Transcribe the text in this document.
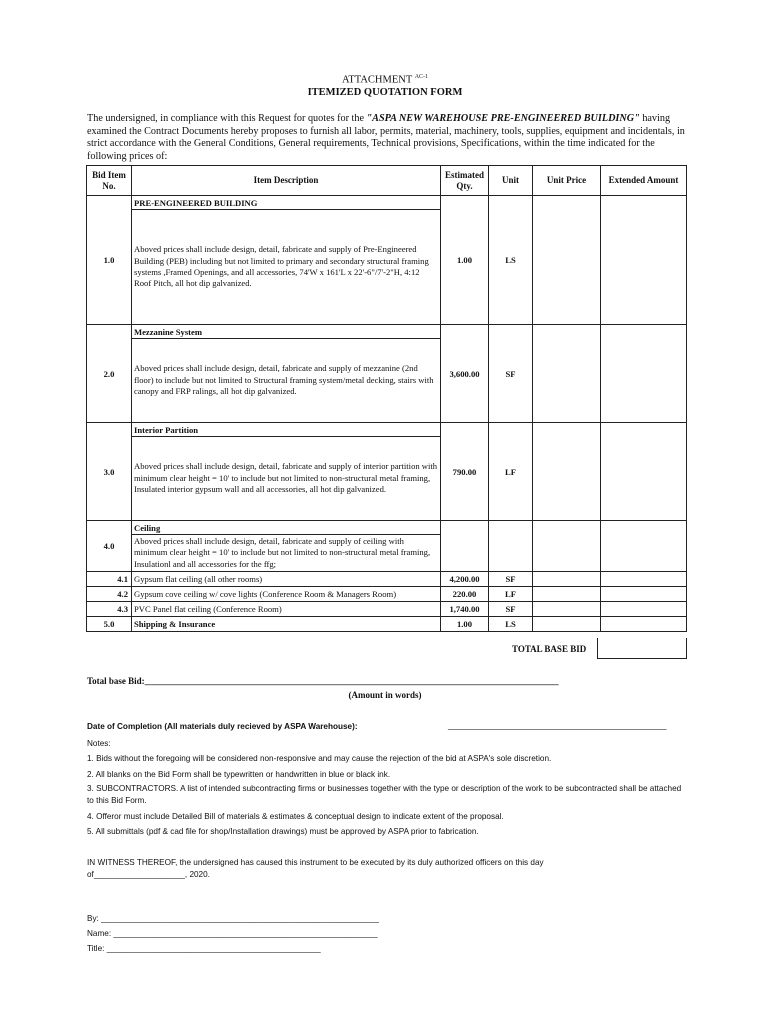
ATTACHMENT $^{AC-1}$
ITEMIZED QUOTATION FORM
The undersigned, in compliance with this Request for quotes for the "ASPA NEW WAREHOUSE PRE-ENGINEERED BUILDING" having examined the Contract Documents hereby proposes to furnish all labor, permits, material, machinery, tools, supplies, equipment and incidentals, in strict accordance with the General Conditions, General requirements, Technical provisions, Specifications, within the time indicated for the following prices of:
Bid Item No.	Item Description	Estimated Qty.	Unit	Unit Price	Extended Amount
1.0	PRE-ENGINEERED BUILDING	1.00	LS		
	Aboved prices shall include design, detail, fabricate and supply of Pre-Engineered Building (PEB) including but not limited to primary and secondary structural framing systems ,Framed Openings, and all accessories, 74'W x 161'L x 22'-6"/7'-2"H, 4:12 Roof Pitch, all hot dip galvanized.				
2.0	Mezzanine System	3,600.00	SF		
	Aboved prices shall include design, detail, fabricate and supply of mezzanine (2nd floor) to include but not limited to Structural framing system/metal decking, stairs with canopy and FRP ralings, all hot dip galvanized.				
3.0	Interior Partition	790.00	LF		
	Aboved prices shall include design, detail, fabricate and supply of interior partition with minimum clear height = 10' to include but not limited to non-structural metal framing, Insulated interior gypsum wall and all accessories, all hot dip galvanized.				
4.0	Ceiling				
	Aboved prices shall include design, detail, fabricate and supply of ceiling with minimum clear height = 10' to include but not limited to non-structural metal framing, Insulationl and all accessories for the ffg;				
4.1	Gypsum flat ceiling (all other rooms)	4,200.00	SF		
4.2	Gypsum cove ceiling w/ cove lights (Conference Room & Managers Room)	220.00	LF		
4.3	PVC Panel flat ceiling (Conference Room)	1,740.00	SF		
5.0	Shipping & Insurance	1.00	LS		
TOTAL BASE BID
Total base Bid:____________________________________________________________________________________________
(Amount in words)
Date of Completion (All materials duly recieved by ASPA Warehouse):	________________________________________________
Notes:
1. Bids without the foregoing will be considered non-responsive and may cause the rejection of the bid at ASPA's sole discretion.
2. All blanks on the Bid Form shall be typewritten or handwritten in blue or black ink.
3. SUBCONTRACTORS. A list of intended subcontracting firms or businesses together with the type or description of the work to be subcontracted shall be attached to this Bid Form.
4. Offeror must include Detailed Bill of materials & estimates & conceptual design to indicate extent of the proposal.
5. All submittals (pdf & cad file for shop/Installation drawings) must be approved by ASPA prior to fabrication.
IN WITNESS THEREOF, the undersigned has caused this instrument to be executed by its duly authorized officers on this day of____________________, 2020.
By: _____________________________________________________________
Name: __________________________________________________________
Title: _______________________________________________
